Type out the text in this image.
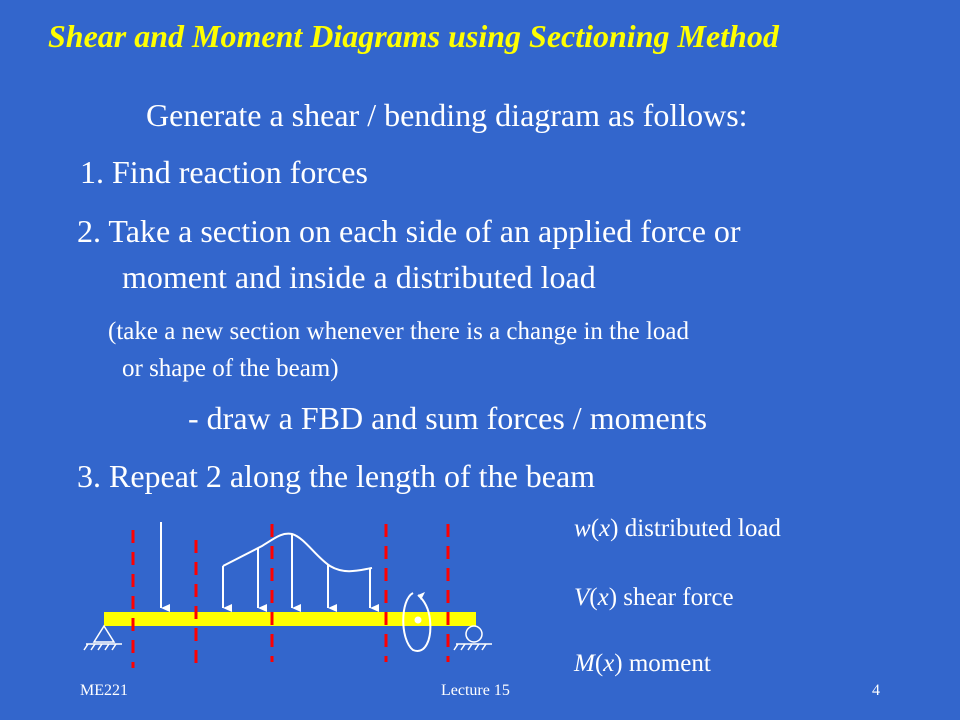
Shear and Moment Diagrams using Sectioning Method
Generate a shear / bending diagram as follows:
1. Find reaction forces
2. Take a section on each side of an applied force or
moment and inside a distributed load
(take a new section whenever there is a change in the load
or shape of the beam)
- draw a FBD and sum forces / moments
3. Repeat 2 along the length of the beam
w(x) distributed load
V(x) shear force
M(x) moment
ME221	Lecture 15	4
